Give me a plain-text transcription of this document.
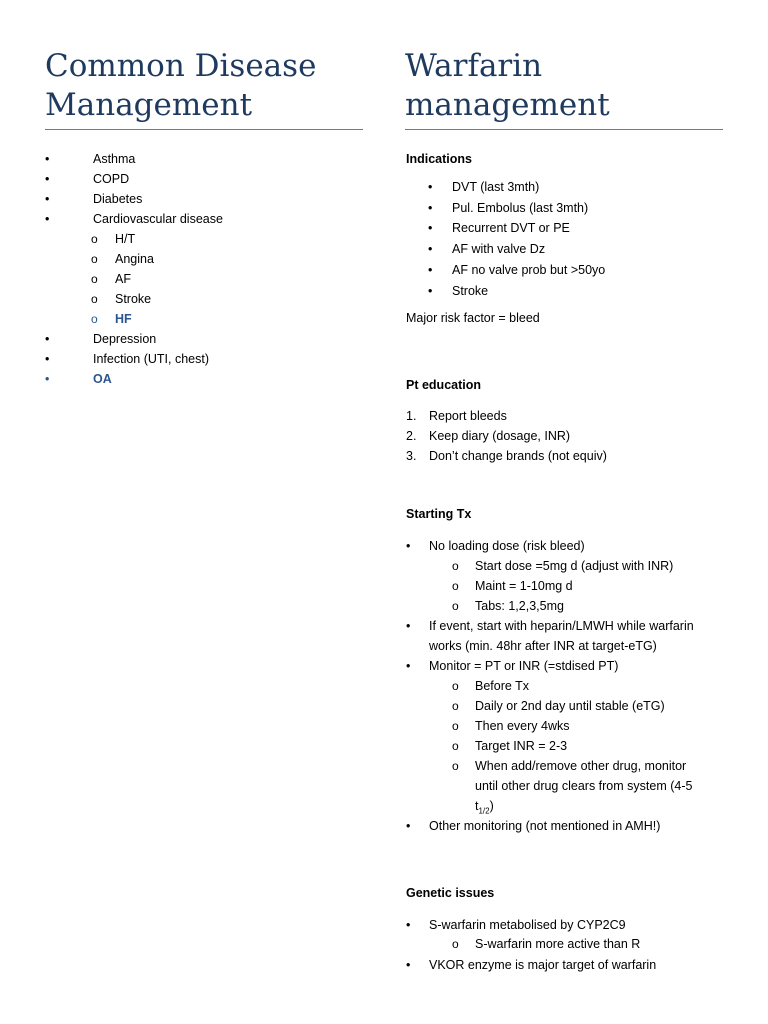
Common Disease
Management
•	Asthma
•	COPD
•	Diabetes
•	Cardiovascular disease
o H/T
o Angina
o AF
o Stroke
o HF
•	Depression
•	Infection (UTI, chest)
•	OA
Warfarin
management
Indications
• DVT (last 3mth)
• Pul. Embolus (last 3mth)
• Recurrent DVT or PE
• AF with valve Dz
• AF no valve prob but >50yo
• Stroke
Major risk factor = bleed
Pt education
1. Report bleeds
2. Keep diary (dosage, INR)
3. Don’t change brands (not equiv)
Starting Tx
• No loading dose (risk bleed)
o Start dose =5mg d (adjust with INR)
o Maint = 1-10mg d
o Tabs: 1,2,3,5mg
• If event, start with heparin/LMWH while warfarin
works (min. 48hr after INR at target-eTG)
• Monitor = PT or INR (=stdised PT)
o Before Tx
o Daily or 2nd day until stable (eTG)
o Then every 4wks
o Target INR = 2-3
o When add/remove other drug, monitor
until other drug clears from system (4-5
$t_{1/2}$)
• Other monitoring (not mentioned in AMH!)
Genetic issues
• S-warfarin metabolised by CYP2C9
o S-warfarin more active than R
• VKOR enzyme is major target of warfarin
